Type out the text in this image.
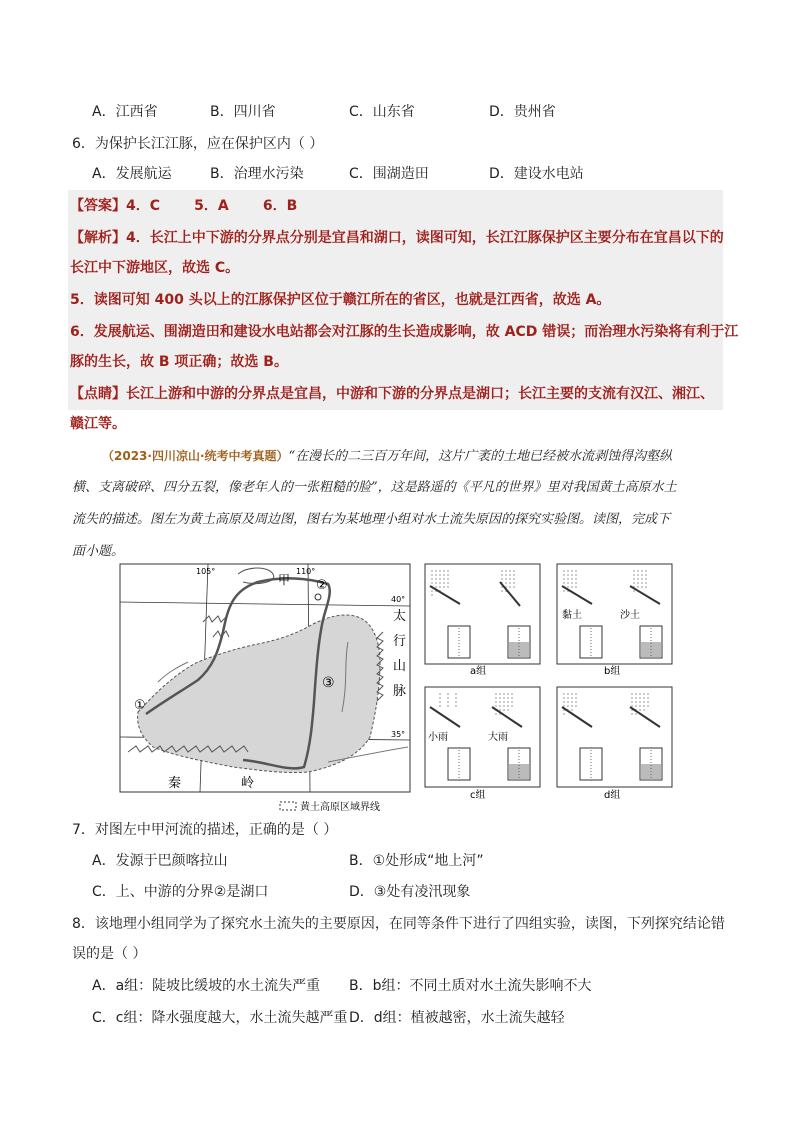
A．江西省	B．四川省	C．山东省	D．贵州省
6．为保护长江江豚，应在保护区内（ ）
A．发展航运	B．治理水污染	C．围湖造田	D．建设水电站
【答案】4．C       5．A       6．B
【解析】4．长江上中下游的分界点分别是宜昌和湖口，读图可知，长江江豚保护区主要分布在宜昌以下的
长江中下游地区，故选 C。
5．读图可知 400 头以上的江豚保护区位于赣江所在的省区，也就是江西省，故选 A。
6．发展航运、围湖造田和建设水电站都会对江豚的生长造成影响，故 ACD 错误；而治理水污染将有利于江
豚的生长，故 B 项正确；故选 B。
【点睛】长江上游和中游的分界点是宜昌，中游和下游的分界点是湖口；长江主要的支流有汉江、湘江、
赣江等。
（2023·四川凉山·统考中考真题）“在漫长的二三百万年间，这片广袤的土地已经被水流剥蚀得沟壑纵
横、支离破碎、四分五裂，像老年人的一张粗糙的脸”，这是路遥的《平凡的世界》里对我国黄土高原水土
流失的描述。图左为黄土高原及周边图，图右为某地理小组对水土流失原因的探究实验图。读图，完成下
面小题。
105°	110°
40°
35°
甲 ②
①
③
太
行
山
脉
秦	岭
黄土高原区域界线
a组
黏土	沙土
b组
小雨	大雨
c组	d组
7．对图左中甲河流的描述，正确的是（ ）
A．发源于巴颜喀拉山	B．①处形成“地上河”
C．上、中游的分界②是湖口	D．③处有凌汛现象
8．该地理小组同学为了探究水土流失的主要原因，在同等条件下进行了四组实验，读图，下列探究结论错
误的是（ ）
A．a组：陡坡比缓坡的水土流失严重 B．b组：不同土质对水土流失影响不大
C．c组：降水强度越大，水土流失越严重 D．d组：植被越密，水土流失越轻
